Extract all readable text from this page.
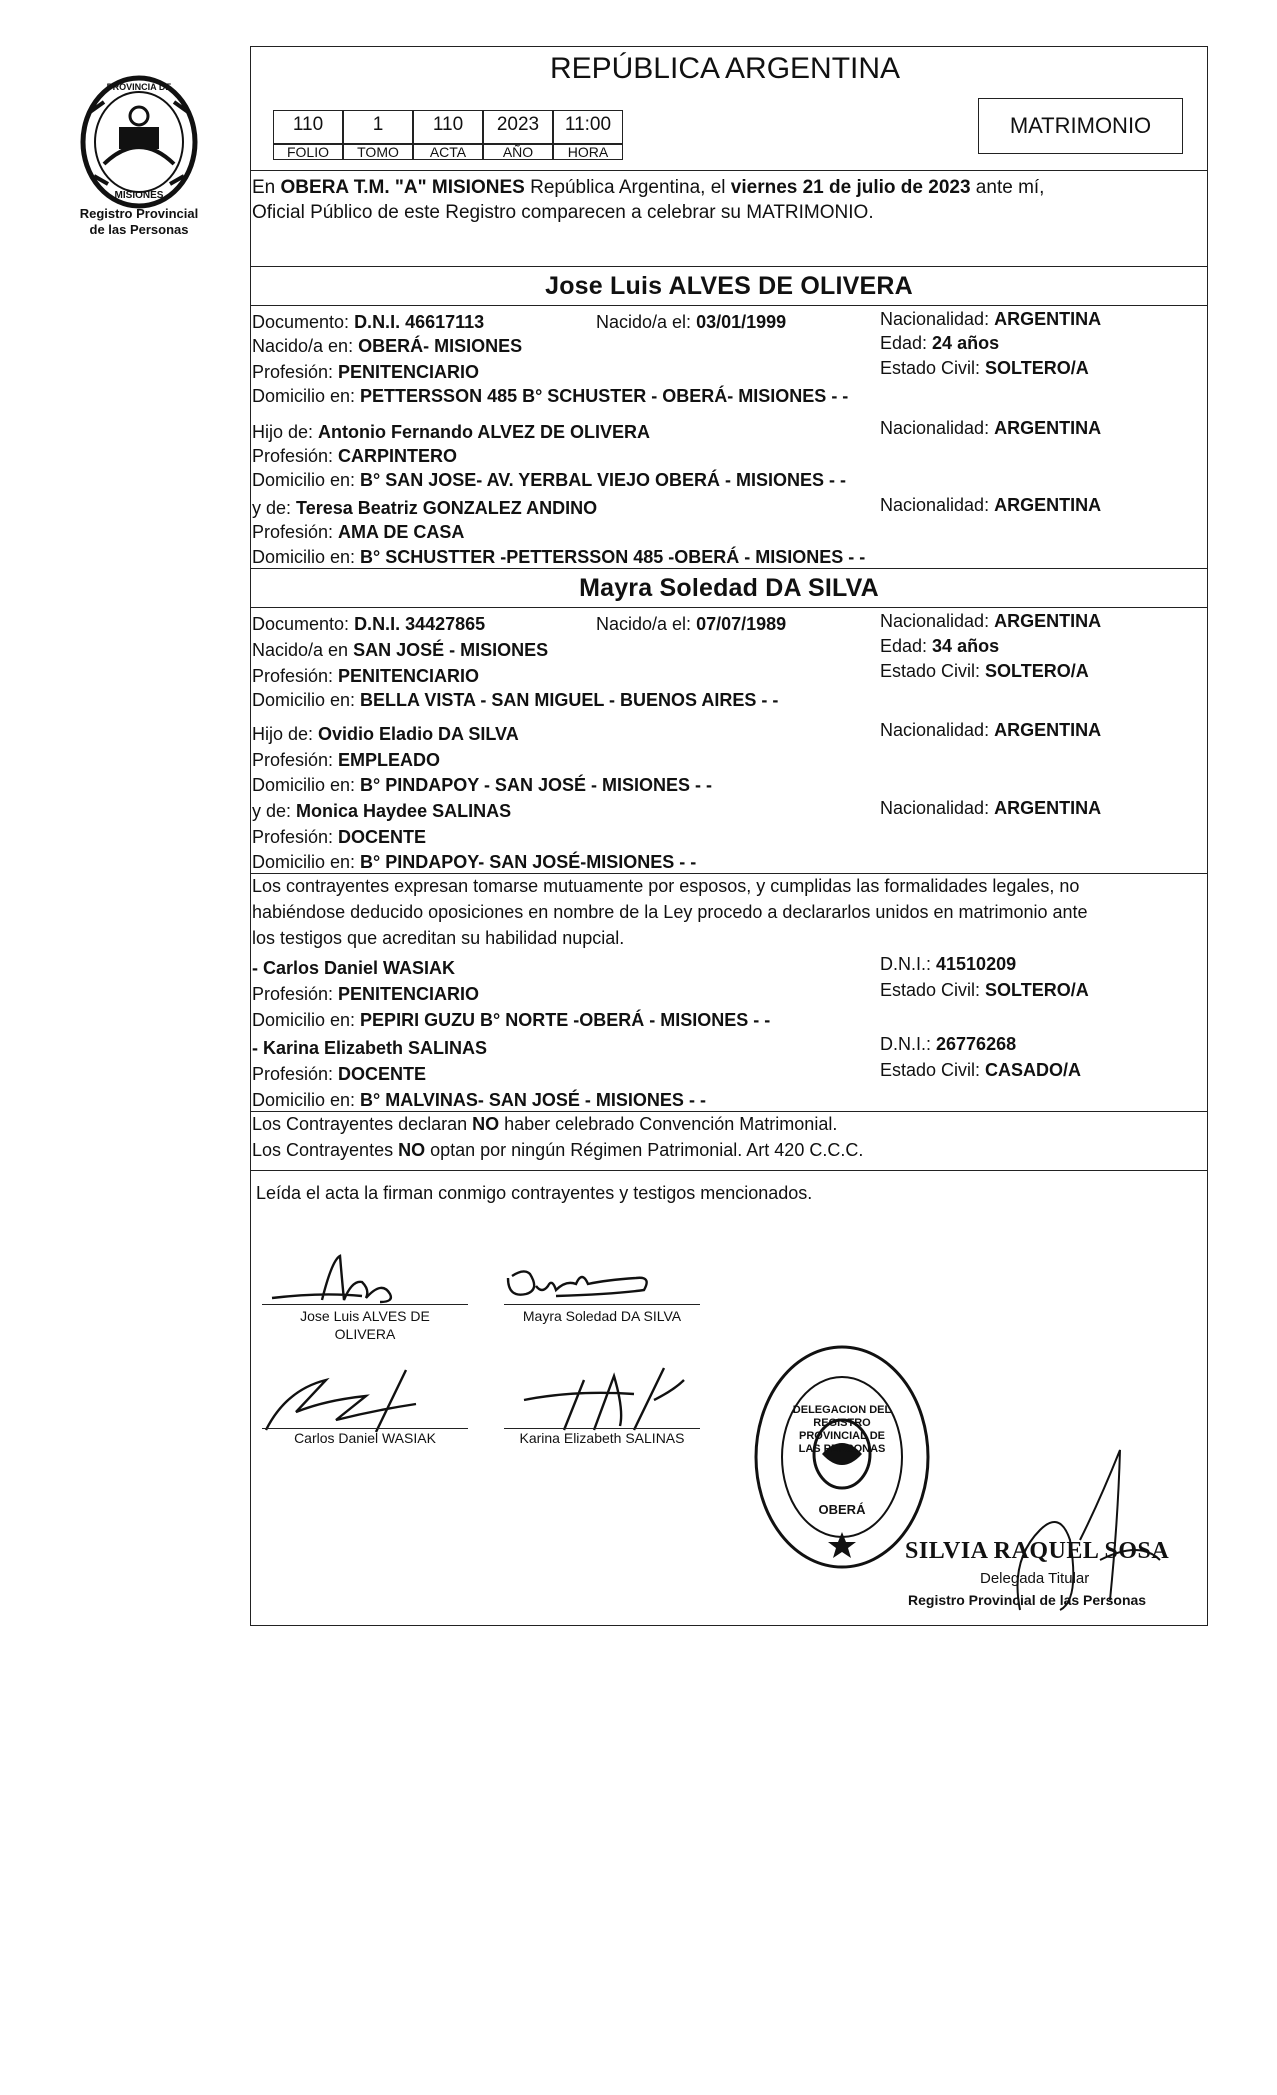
PROVINCIA DE
MISIONES
Registro Provincial
de las Personas
REPÚBLICA ARGENTINA
110	1	110	2023	11:00
FOLIO	TOMO	ACTA	AÑO	HORA
MATRIMONIO
En OBERA T.M. "A" MISIONES República Argentina, el viernes 21 de julio de 2023 ante mí,
Oficial Público de este Registro comparecen a celebrar su MATRIMONIO.
Jose Luis ALVES DE OLIVERA
Documento: D.N.I. 46617113	Nacido/a el: 03/01/1999	Nacionalidad: ARGENTINA
Nacido/a en: OBERÁ- MISIONES	Edad: 24 años
Profesión: PENITENCIARIO	Estado Civil: SOLTERO/A
Domicilio en: PETTERSSON 485 B° SCHUSTER - OBERÁ- MISIONES - -
Hijo de: Antonio Fernando ALVEZ DE OLIVERA	Nacionalidad: ARGENTINA
Profesión: CARPINTERO
Domicilio en: B° SAN JOSE- AV. YERBAL VIEJO OBERÁ - MISIONES - -
y de: Teresa Beatriz GONZALEZ ANDINO	Nacionalidad: ARGENTINA
Profesión: AMA DE CASA
Domicilio en: B° SCHUSTTER -PETTERSSON 485 -OBERÁ - MISIONES - -
Mayra Soledad DA SILVA
Documento: D.N.I. 34427865	Nacido/a el: 07/07/1989	Nacionalidad: ARGENTINA
Nacido/a en SAN JOSÉ - MISIONES	Edad: 34 años
Profesión: PENITENCIARIO	Estado Civil: SOLTERO/A
Domicilio en: BELLA VISTA - SAN MIGUEL - BUENOS AIRES - -
Hijo de: Ovidio Eladio DA SILVA	Nacionalidad: ARGENTINA
Profesión: EMPLEADO
Domicilio en: B° PINDAPOY - SAN JOSÉ - MISIONES - -
y de: Monica Haydee SALINAS	Nacionalidad: ARGENTINA
Profesión: DOCENTE
Domicilio en: B° PINDAPOY- SAN JOSÉ-MISIONES - -
Los contrayentes expresan tomarse mutuamente por esposos, y cumplidas las formalidades legales, no
habiéndose deducido oposiciones en nombre de la Ley procedo a declararlos unidos en matrimonio ante
los testigos que acreditan su habilidad nupcial.
- Carlos Daniel WASIAK	D.N.I.: 41510209
Profesión: PENITENCIARIO	Estado Civil: SOLTERO/A
Domicilio en: PEPIRI GUZU B° NORTE -OBERÁ - MISIONES - -
- Karina Elizabeth SALINAS	D.N.I.: 26776268
Profesión: DOCENTE	Estado Civil: CASADO/A
Domicilio en: B° MALVINAS- SAN JOSÉ - MISIONES - -
Los Contrayentes declaran NO haber celebrado Convención Matrimonial.
Los Contrayentes NO optan por ningún Régimen Patrimonial. Art 420 C.C.C.
Leída el acta la firman conmigo contrayentes y testigos mencionados.
Jose Luis ALVES DE
OLIVERA
Mayra Soledad DA SILVA
Carlos Daniel WASIAK	Karina Elizabeth SALINAS
DELEGACION DEL REGISTRO PROVINCIAL DE LAS PERSONAS
OBERÁ
SILVIA RAQUEL SOSA
Delegada Titular
Registro Provincial de las Personas
